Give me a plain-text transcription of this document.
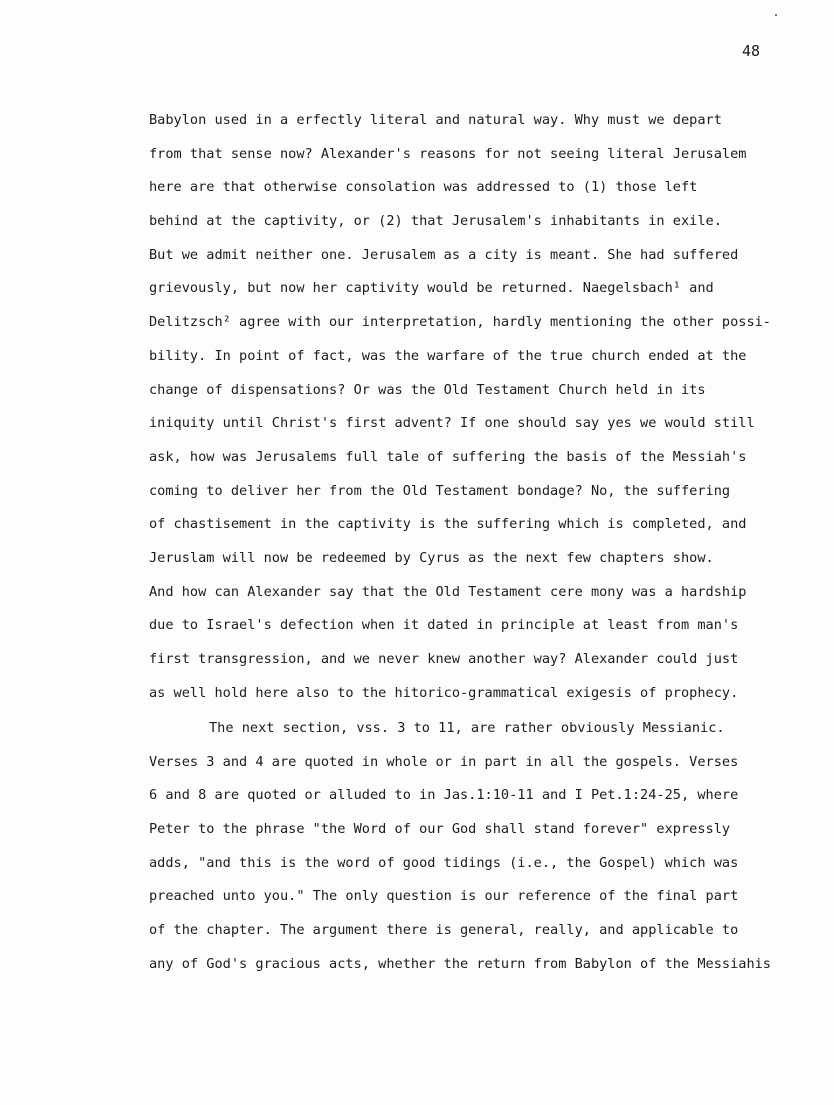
48
Babylon used in a erfectly literal and natural way. Why must we depart
from that sense now? Alexander's reasons for not seeing literal Jerusalem
here are that otherwise consolation was addressed to (1) those left
behind at the captivity, or (2) that Jerusalem's inhabitants in exile.
But we admit neither one. Jerusalem as a city is meant. She had suffered
grievously, but now her captivity would be returned. Naegelsbach¹ and
Delitzsch² agree with our interpretation, hardly mentioning the other possi-
bility. In point of fact, was the warfare of the true church ended at the
change of dispensations? Or was the Old Testament Church held in its
iniquity until Christ's first advent? If one should say yes we would still
ask, how was Jerusalems full tale of suffering the basis of the Messiah's
coming to deliver her from the Old Testament bondage? No, the suffering
of chastisement in the captivity is the suffering which is completed, and
Jeruslam will now be redeemed by Cyrus as the next few chapters show.
And how can Alexander say that the Old Testament cere mony was a hardship
due to Israel's defection when it dated in principle at least from man's
first transgression, and we never knew another way? Alexander could just
as well hold here also to the hitorico-grammatical exigesis of prophecy.
The next section, vss. 3 to 11, are rather obviously Messianic.
Verses 3 and 4 are quoted in whole or in part in all the gospels. Verses
6 and 8 are quoted or alluded to in Jas.1:10-11 and I Pet.1:24-25, where
Peter to the phrase "the Word of our God shall stand forever" expressly
adds, "and this is the word of good tidings (i.e., the Gospel) which was
preached unto you." The only question is our reference of the final part
of the chapter. The argument there is general, really, and applicable to
any of God's gracious acts, whether the return from Babylon of the Messiahis
